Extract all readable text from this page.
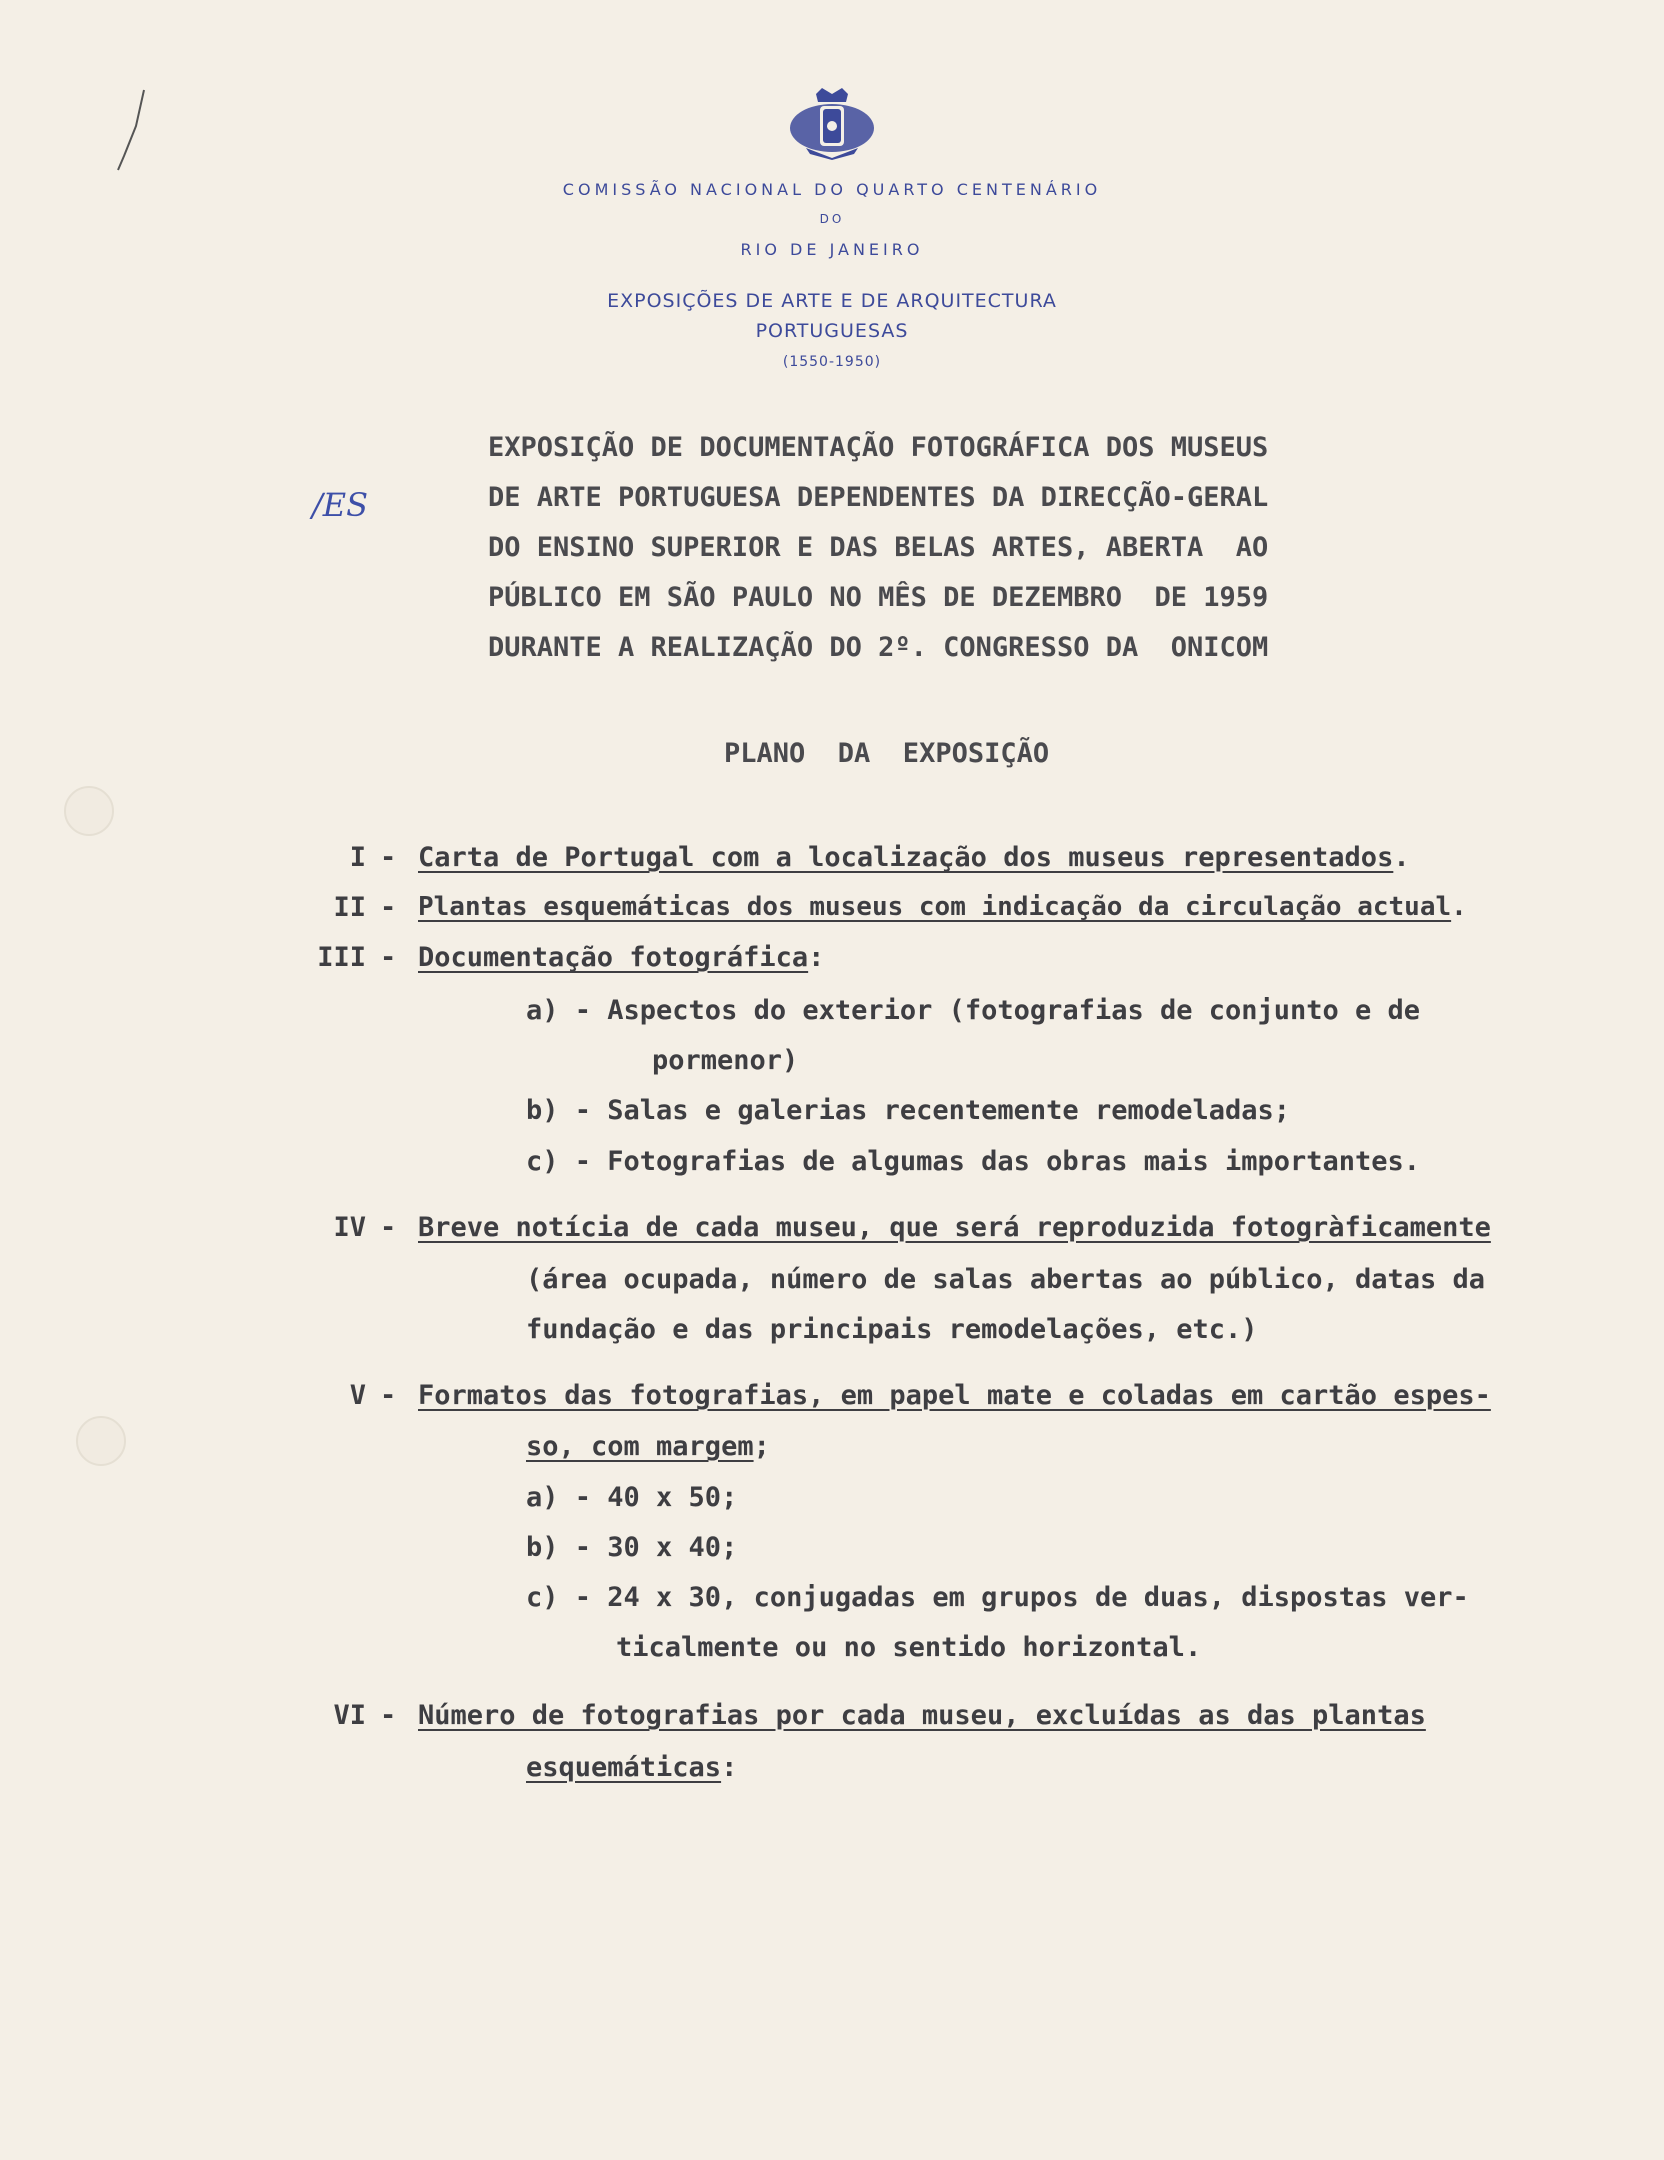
COMISSÃO NACIONAL DO QUARTO CENTENÁRIO
DO
RIO DE JANEIRO
EXPOSIÇÕES DE ARTE E DE ARQUITECTURA
PORTUGUESAS
(1550-1950)
/ES
EXPOSIÇÃO DE DOCUMENTAÇÃO FOTOGRÁFICA DOS MUSEUS
DE ARTE PORTUGUESA DEPENDENTES DA DIRECÇÃO-GERAL
DO ENSINO SUPERIOR E DAS BELAS ARTES, ABERTA  AO
PÚBLICO EM SÃO PAULO NO MÊS DE DEZEMBRO  DE 1959
DURANTE A REALIZAÇÃO DO 2º. CONGRESSO DA  ONICOM
PLANO  DA  EXPOSIÇÃO

I

-

Carta de Portugal com a localização dos museus representados.

II

-

Plantas esquemáticas dos museus com indicação da circulação actual.

III

-

Documentação fotográfica:

a) - Aspectos do exterior (fotografias de conjunto e de

pormenor)

b) - Salas e galerias recentemente remodeladas;

c) - Fotografias de algumas das obras mais importantes.

IV

-

Breve notícia de cada museu, que será reproduzida fotogràficamente

(área ocupada, número de salas abertas ao público, datas da

fundação e das principais remodelações, etc.)

V

-

Formatos das fotografias, em papel mate e coladas em cartão espes-

so, com margem;

a) - 40 x 50;

b) - 30 x 40;

c) - 24 x 30, conjugadas em grupos de duas, dispostas ver-

ticalmente ou no sentido horizontal.

VI

-

Número de fotografias por cada museu, excluídas as das plantas

esquemáticas:
